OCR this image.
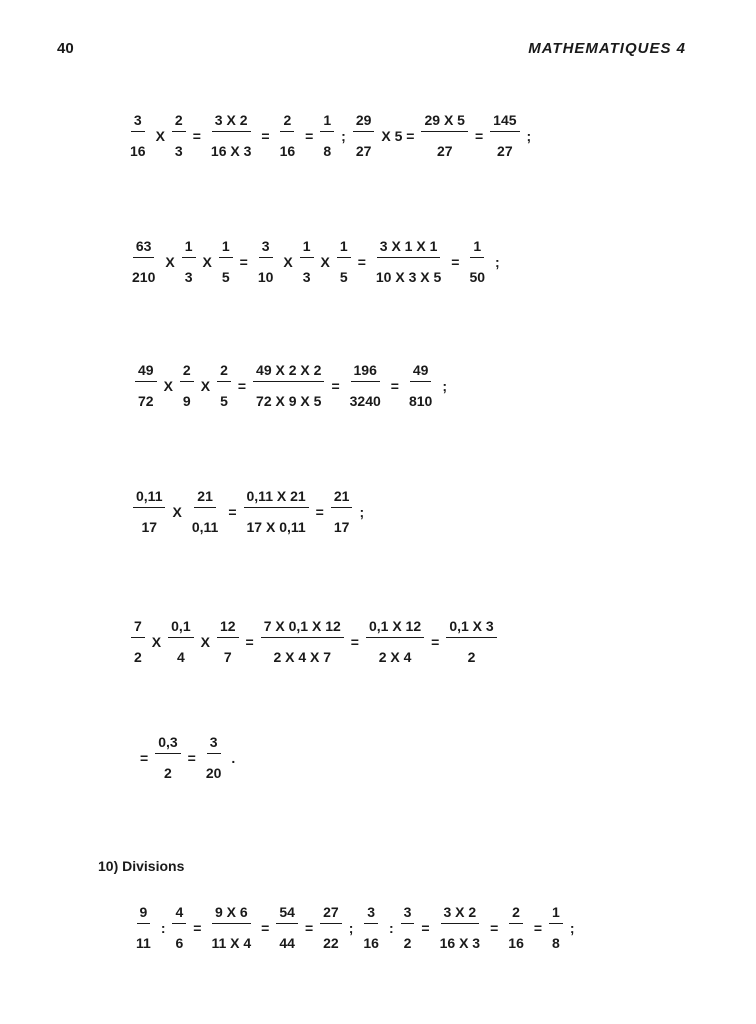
40	MATHEMATIQUES 4
$\frac{3}{16}$ X $\frac{2}{3} = \frac{3 X 2}{16 X 3} = \frac{2}{16} = \frac{1}{8}$ ; $\frac{29}{27}$ X $5 = \frac{29 X 5}{27} = \frac{145}{27}$ ;
$\frac{63}{210}$ X $\frac{1}{3}$ X $\frac{1}{5} = \frac{3}{10}$ X $\frac{1}{3}$ X $\frac{1}{5} = \frac{3 X 1 X 1}{10 X 3 X 5} = \frac{1}{50}$ ;
$\frac{49}{72}$ X $\frac{2}{9}$ X $\frac{2}{5} = \frac{49 X 2 X 2}{72 X 9 X 5} = \frac{196}{3240} = \frac{49}{810}$ ;
$\frac{0,11}{17}$ X $\frac{21}{0,11} = \frac{0,11 X 21}{17 X 0,11} = \frac{21}{17}$ ;
$\frac{7}{2}$ X $\frac{0,1}{4}$ X $\frac{12}{7} = \frac{7 X 0,1 X 12}{2 X 4 X 7} = \frac{0,1 X 12}{2 X 4} = \frac{0,1 X 3}{2}$
= $\frac{0,3}{2} = \frac{3}{20}$ .
10) Divisions
$\frac{9}{11}$ : $\frac{4}{6} = \frac{9 X 6}{11 X 4} = \frac{54}{44} = \frac{27}{22}$ ; $\frac{3}{16}$ : $\frac{3}{2} = \frac{3 X 2}{16 X 3} = \frac{2}{16} = \frac{1}{8}$ ;
